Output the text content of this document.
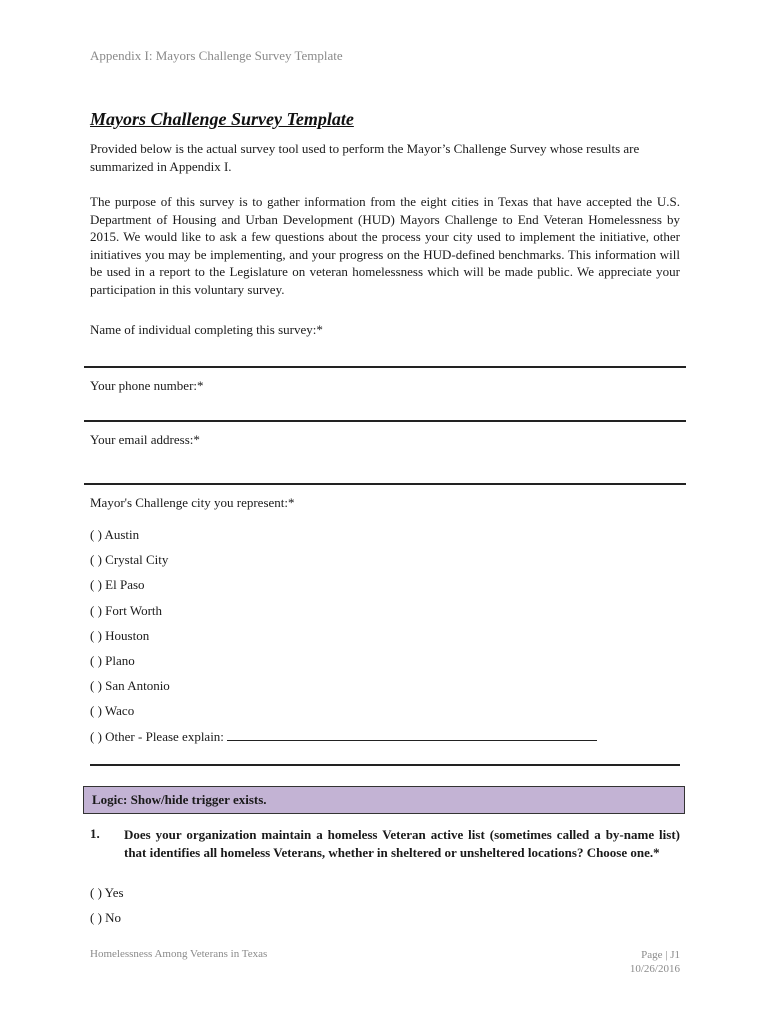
Appendix I: Mayors Challenge Survey Template
Mayors Challenge Survey Template
Provided below is the actual survey tool used to perform the Mayor’s Challenge Survey whose results are summarized in Appendix I.
The purpose of this survey is to gather information from the eight cities in Texas that have accepted the U.S. Department of Housing and Urban Development (HUD) Mayors Challenge to End Veteran Homelessness by 2015. We would like to ask a few questions about the process your city used to implement the initiative, other initiatives you may be implementing, and your progress on the HUD-defined benchmarks. This information will be used in a report to the Legislature on veteran homelessness which will be made public. We appreciate your participation in this voluntary survey.
Name of individual completing this survey:*
Your phone number:*
Your email address:*
Mayor's Challenge city you represent:*
( ) Austin
( ) Crystal City
( ) El Paso
( ) Fort Worth
( ) Houston
( ) Plano
( ) San Antonio
( ) Waco
( ) Other - Please explain:
Logic: Show/hide trigger exists.
1. Does your organization maintain a homeless Veteran active list (sometimes called a by-name list) that identifies all homeless Veterans, whether in sheltered or unsheltered locations? Choose one.*
( ) Yes
( ) No
Homelessness Among Veterans in Texas	Page | J1
10/26/2016
